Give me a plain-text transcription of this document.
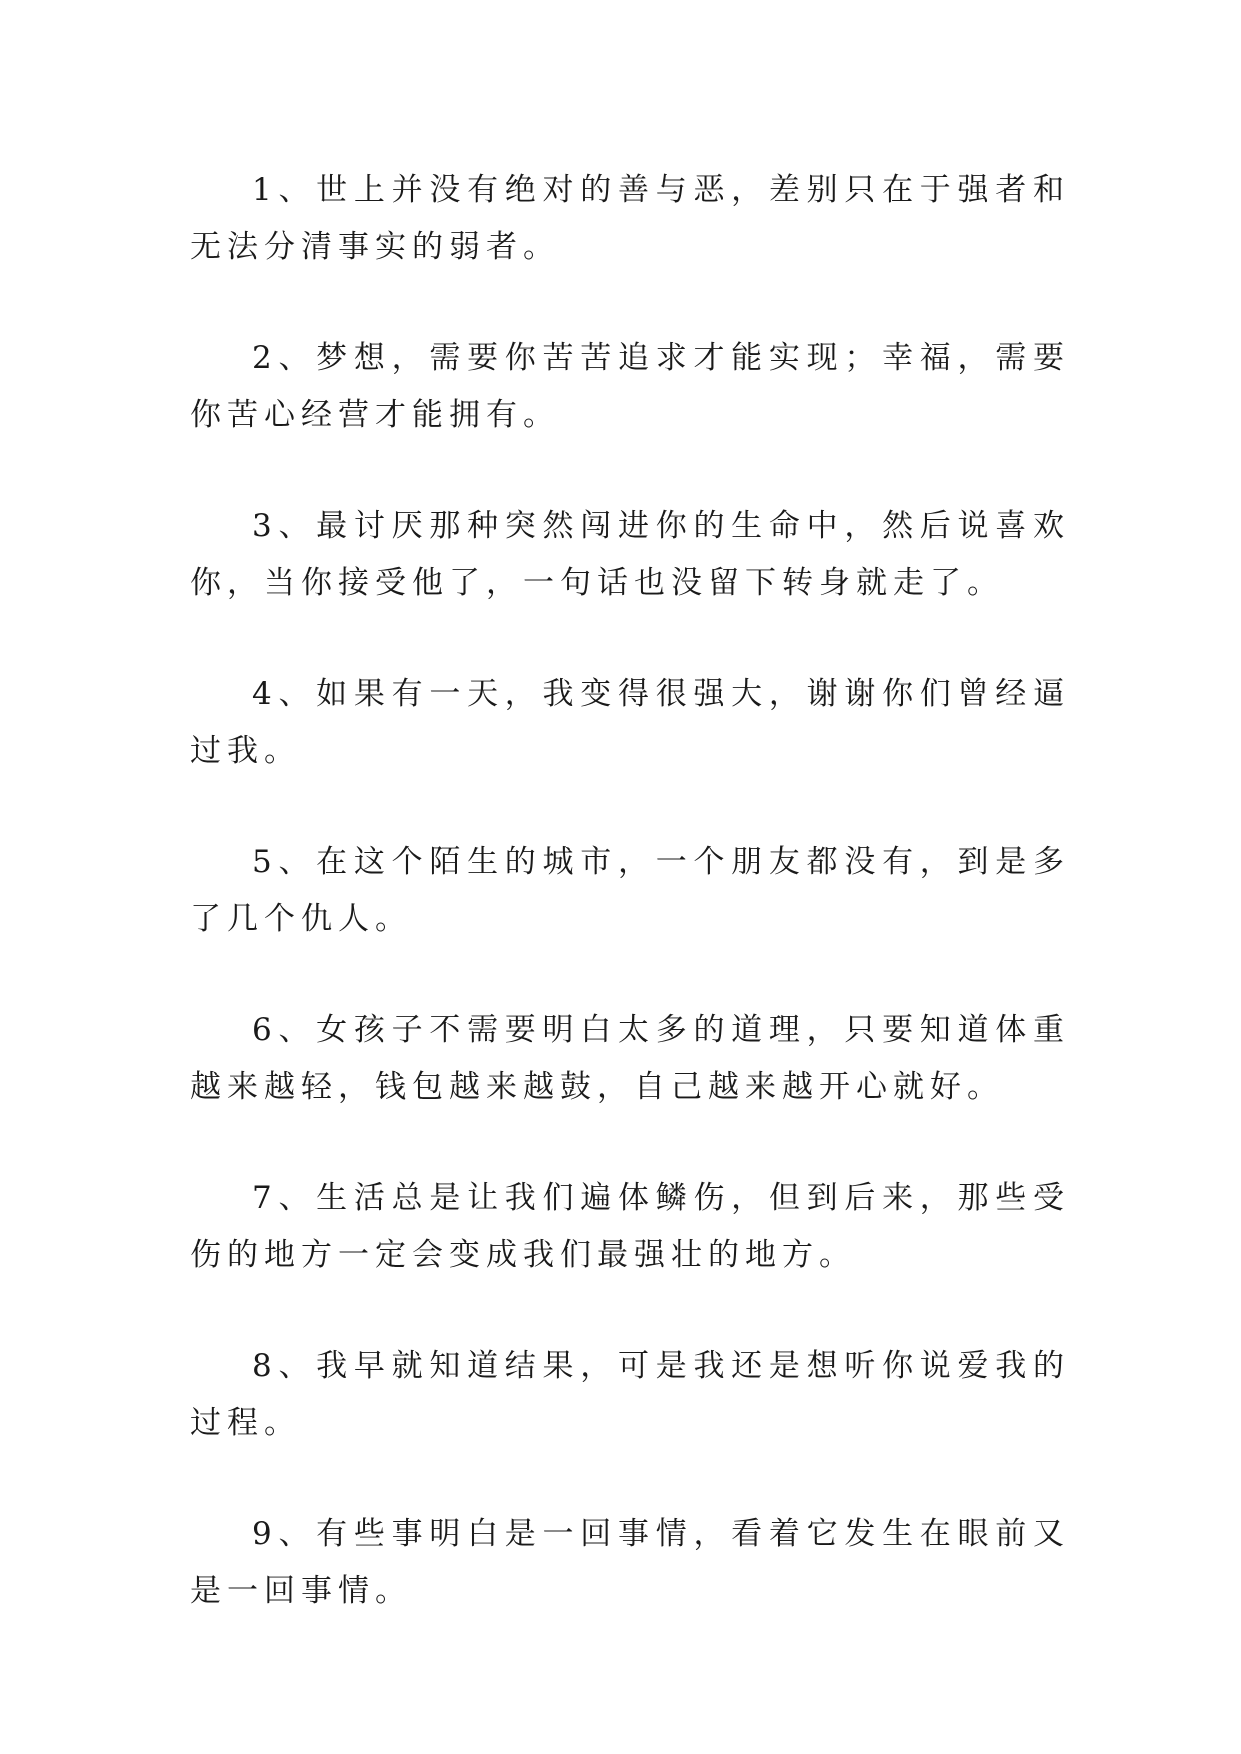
1、世上并没有绝对的善与恶，差别只在于强者和无法分清事实的弱者。

2、梦想，需要你苦苦追求才能实现；幸福，需要你苦心经营才能拥有。

3、最讨厌那种突然闯进你的生命中，然后说喜欢你，当你接受他了，一句话也没留下转身就走了。

4、如果有一天，我变得很强大，谢谢你们曾经逼过我。

5、在这个陌生的城市，一个朋友都没有，到是多了几个仇人。

6、女孩子不需要明白太多的道理，只要知道体重越来越轻，钱包越来越鼓，自己越来越开心就好。

7、生活总是让我们遍体鳞伤，但到后来，那些受伤的地方一定会变成我们最强壮的地方。

8、我早就知道结果，可是我还是想听你说爱我的过程。

9、有些事明白是一回事情，看着它发生在眼前又是一回事情。
